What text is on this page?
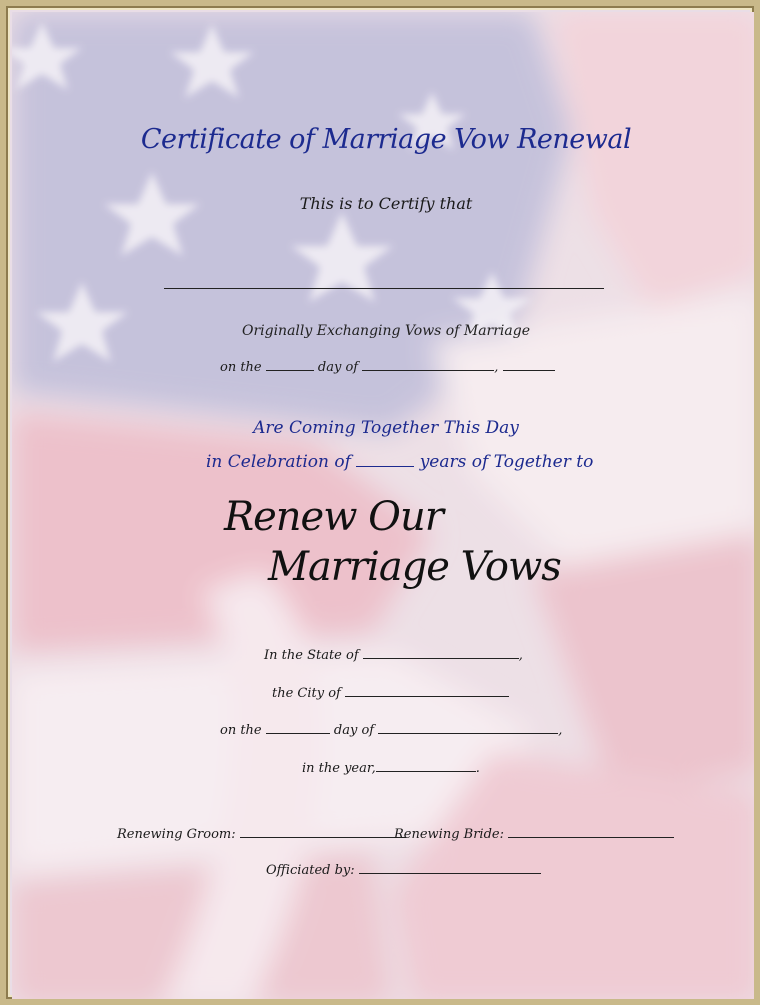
Certificate of Marriage Vow Renewal
This is to Certify that
Originally Exchanging Vows of Marriage
on the	day of	,
Are Coming Together This Day
in Celebration of	years of Together to
Renew Our
Marriage Vows
In the State of	,
the City of
on the	day of	,
in the year,	.
Renewing Groom:	Renewing Bride:
Officiated by:
